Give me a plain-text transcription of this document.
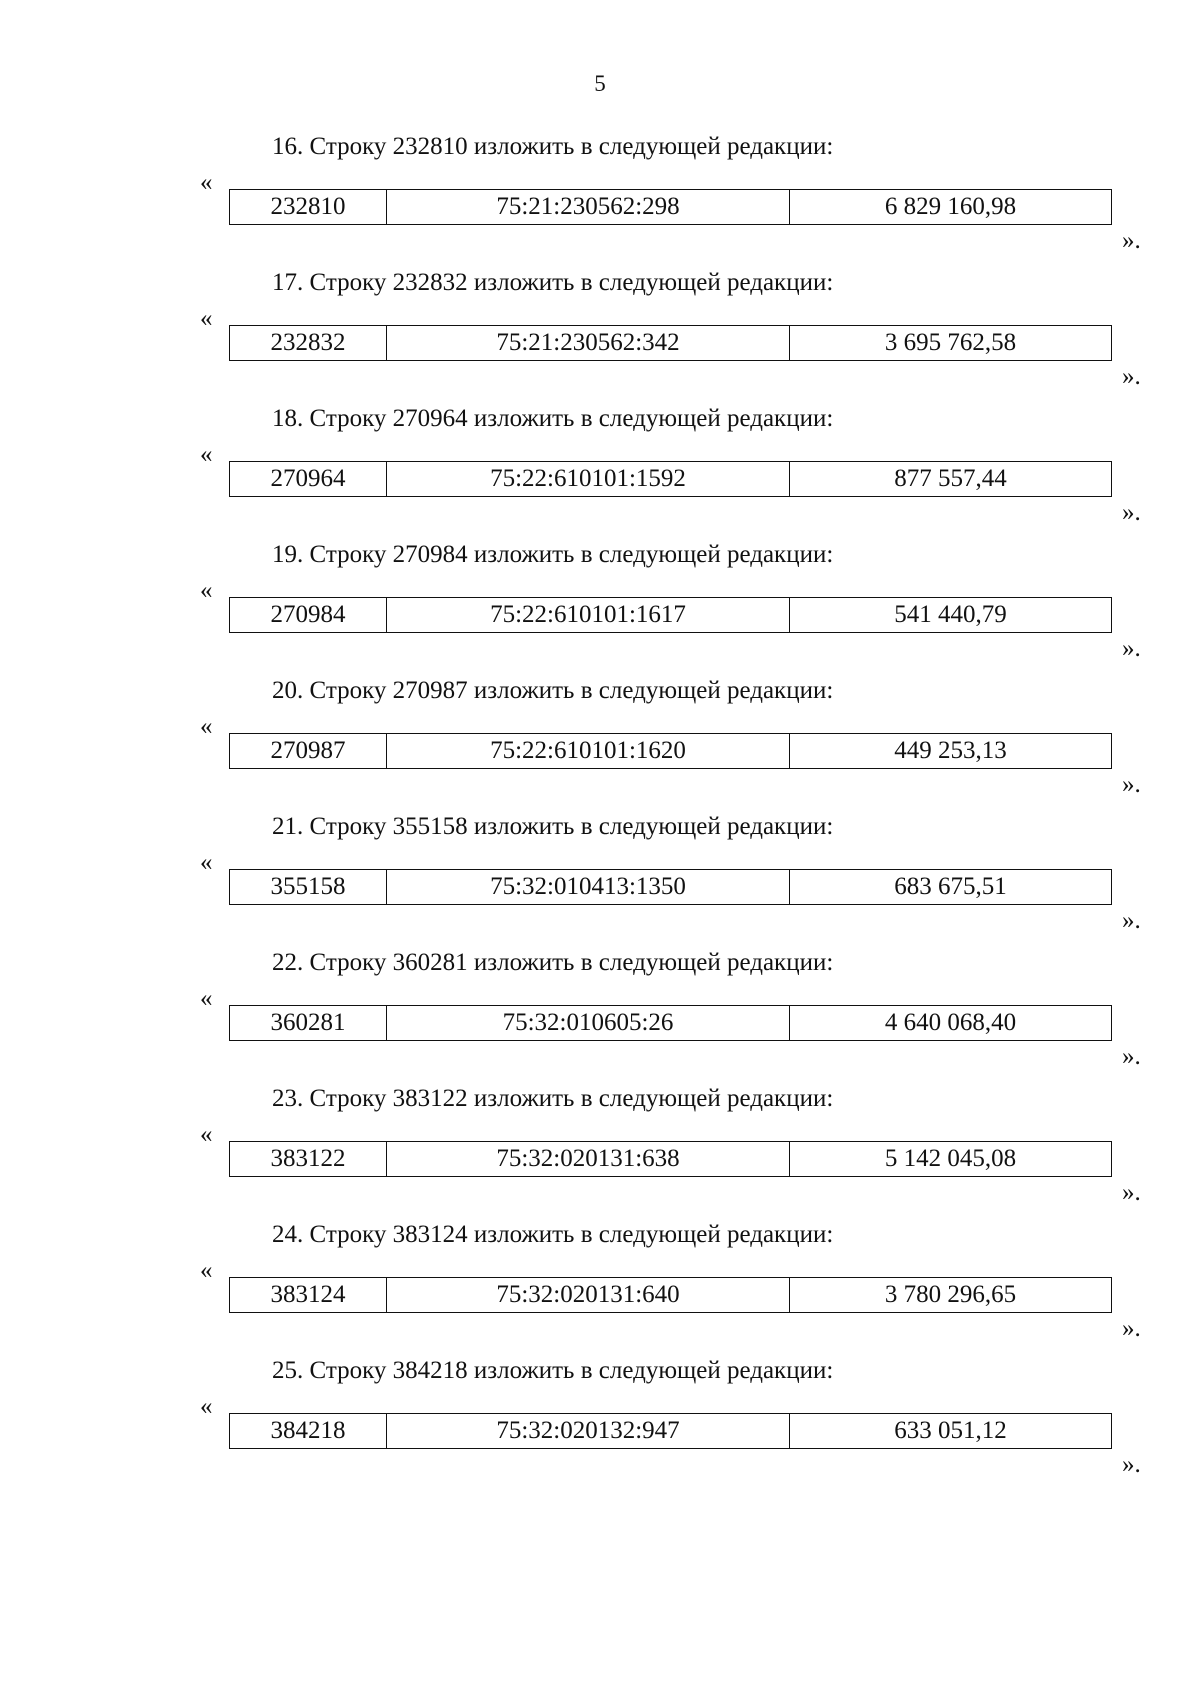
5
16. Строку 232810 изложить в следующей редакции:
«
232810	75:21:230562:298	6 829 160,98
».
17. Строку 232832 изложить в следующей редакции:
«
232832	75:21:230562:342	3 695 762,58
».
18. Строку 270964 изложить в следующей редакции:
«
270964	75:22:610101:1592	877 557,44
».
19. Строку 270984 изложить в следующей редакции:
«
270984	75:22:610101:1617	541 440,79
».
20. Строку 270987 изложить в следующей редакции:
«
270987	75:22:610101:1620	449 253,13
».
21. Строку 355158 изложить в следующей редакции:
«
355158	75:32:010413:1350	683 675,51
».
22. Строку 360281 изложить в следующей редакции:
«
360281	75:32:010605:26	4 640 068,40
».
23. Строку 383122 изложить в следующей редакции:
«
383122	75:32:020131:638	5 142 045,08
».
24. Строку 383124 изложить в следующей редакции:
«
383124	75:32:020131:640	3 780 296,65
».
25. Строку 384218 изложить в следующей редакции:
«
384218	75:32:020132:947	633 051,12
».
